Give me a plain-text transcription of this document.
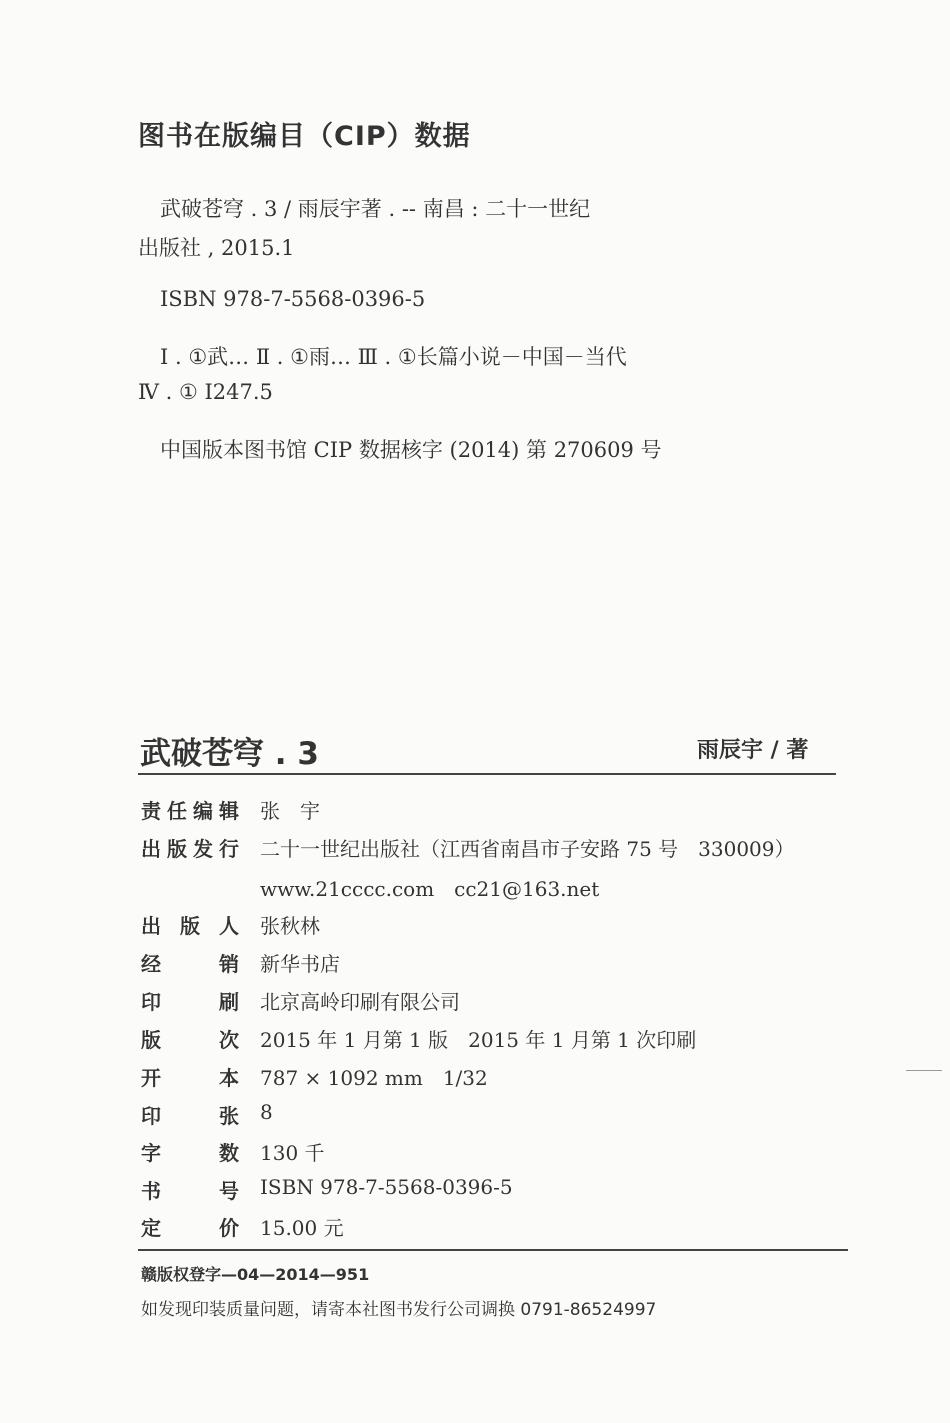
图书在版编目（CIP）数据
武破苍穹 . 3 / 雨辰宇著 . -- 南昌 : 二十一世纪
出版社 , 2015.1
ISBN 978-7-5568-0396-5
Ⅰ . ①武… Ⅱ . ①雨… Ⅲ . ①长篇小说－中国－当代
Ⅳ . ① I247.5
中国版本图书馆 CIP 数据核字 (2014) 第 270609 号
武破苍穹 . 3	雨辰宇 / 著
责 任 编 辑 张　宇
出 版 发 行 二十一世纪出版社（江西省南昌市子安路 75 号　330009）
www.21cccc.com　cc21@163.net
出 版 人 张秋林
经	销 新华书店
印	刷 北京高岭印刷有限公司
版	次 2015 年 1 月第 1 版　2015 年 1 月第 1 次印刷
开	本 787 × 1092 mm　1/32
印	张 8
字	数 130 千
书	号 ISBN 978-7-5568-0396-5
定	价 15.00 元
赣版权登字—04—2014—951
如发现印装质量问题，请寄本社图书发行公司调换 0791-86524997
